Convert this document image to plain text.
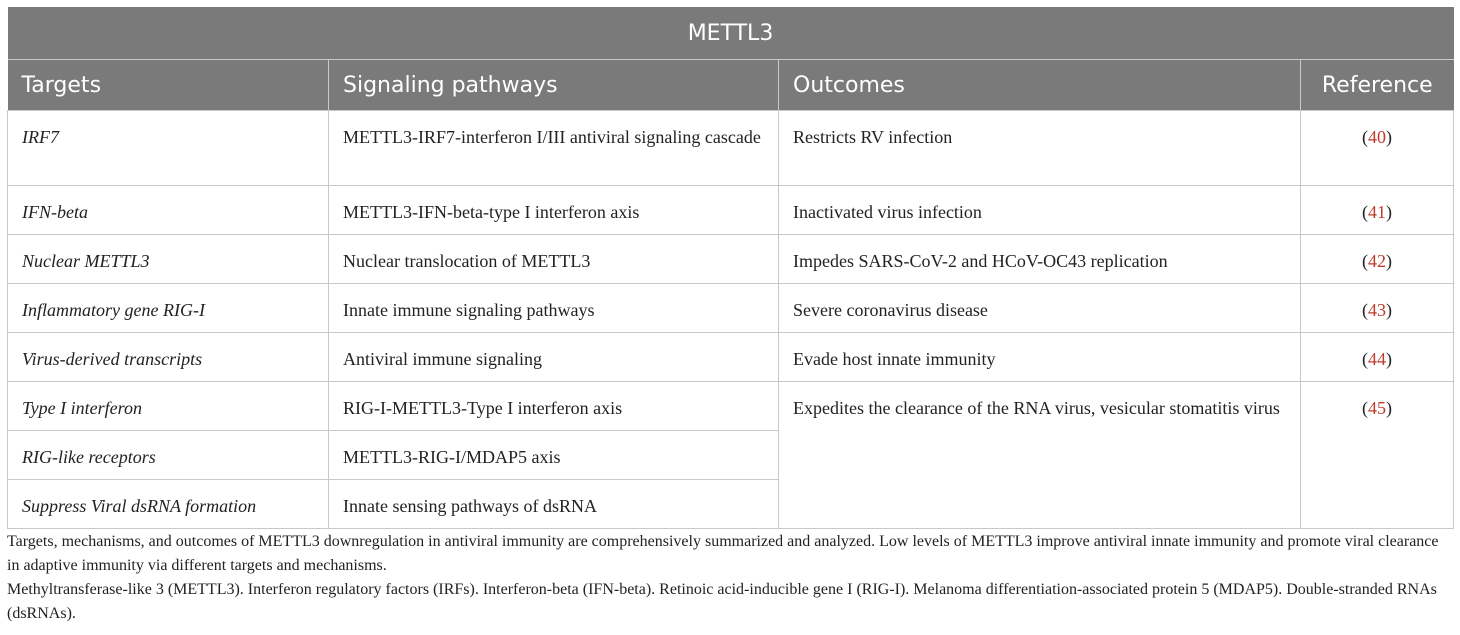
METTL3			
Targets	Signaling pathways	Outcomes	Reference
IRF7	METTL3-IRF7-interferon I/III antiviral signaling cascade	Restricts RV infection	(40)
IFN-beta	METTL3-IFN-beta-type I interferon axis	Inactivated virus infection	(41)
Nuclear METTL3	Nuclear translocation of METTL3	Impedes SARS-CoV-2 and HCoV-OC43 replication	(42)
Inflammatory gene RIG-I	Innate immune signaling pathways	Severe coronavirus disease	(43)
Virus-derived transcripts	Antiviral immune signaling	Evade host innate immunity	(44)
Type I interferon	RIG-I-METTL3-Type I interferon axis	Expedites the clearance of the RNA virus, vesicular stomatitis virus	(45)
RIG-like receptors	METTL3-RIG-I/MDAP5 axis		
Suppress Viral dsRNA formation	Innate sensing pathways of dsRNA		

Targets, mechanisms, and outcomes of METTL3 downregulation in antiviral immunity are comprehensively summarized and analyzed. Low levels of METTL3 improve antiviral innate immunity and promote viral clearance in adaptive immunity via different targets and mechanisms.

Methyltransferase-like 3 (METTL3). Interferon regulatory factors (IRFs). Interferon-beta (IFN-beta). Retinoic acid-inducible gene I (RIG-I). Melanoma differentiation-associated protein 5 (MDAP5). Double-stranded RNAs (dsRNAs).
